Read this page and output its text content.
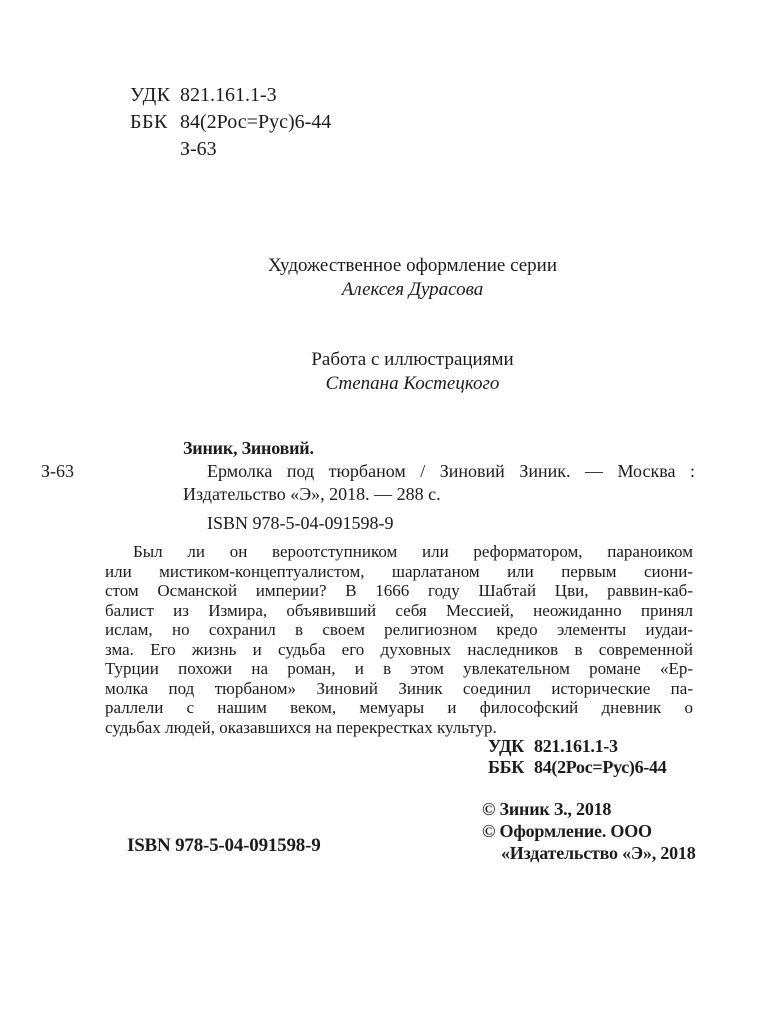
УДК 821.161.1-3
ББК 84(2Рос=Рус)6-44
З-63
Художественное оформление серии
Алексея Дурасова
Работа с иллюстрациями
Степана Костецкого
З-63
Зиник, Зиновий.
Ермолка под тюрбаном / Зиновий Зиник. — Москва :
Издательство «Э», 2018. — 288 с.
ISBN 978-5-04-091598-9
Был ли он вероотступником или реформатором, параноиком
или мистиком-концептуалистом, шарлатаном или первым сиони-
стом Османской империи? В 1666 году Шабтай Цви, раввин-каб-
балист из Измира, объявивший себя Мессией, неожиданно принял
ислам, но сохранил в своем религиозном кредо элементы иудаи-
зма. Его жизнь и судьба его духовных наследников в современной
Турции похожи на роман, и в этом увлекательном романе «Ер-
молка под тюрбаном» Зиновий Зиник соединил исторические па-
раллели с нашим веком, мемуары и философский дневник о
судьбах людей, оказавшихся на перекрестках культур.
УДК 821.161.1-3
ББК 84(2Рос=Рус)6-44
© Зиник З., 2018
© Оформление. ООО
«Издательство «Э», 2018
ISBN 978-5-04-091598-9
